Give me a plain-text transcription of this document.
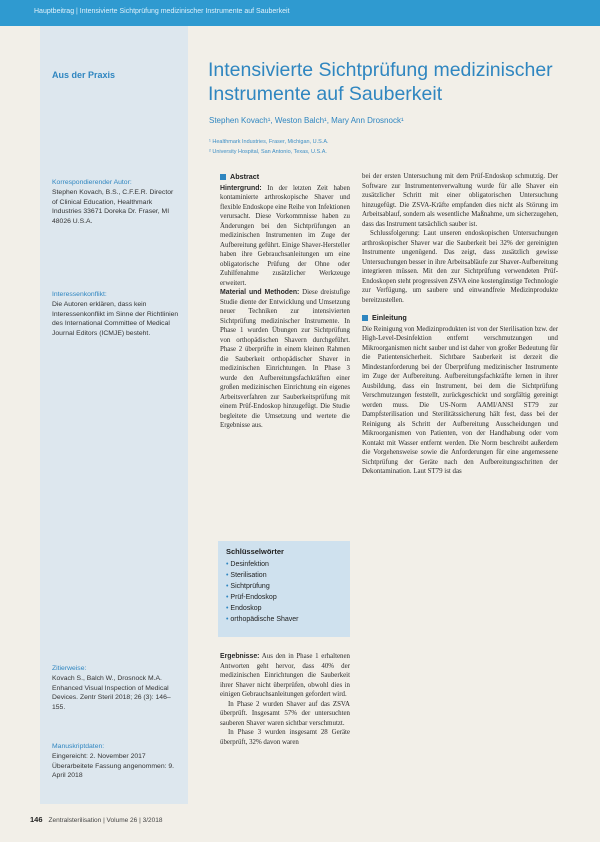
Hauptbeitrag | Intensivierte Sichtprüfung medizinischer Instrumente auf Sauberkeit
Aus der Praxis	Intensivierte Sichtprüfung medizinischer Instrumente auf Sauberkeit
Stephen Kovach¹, Weston Balch¹, Mary Ann Drosnock¹
¹ Healthmark Industries, Fraser, Michigan, U.S.A.
² University Hospital, San Antonio, Texas, U.S.A.
Korrespondierender Autor:
Stephen Kovach, B.S., C.F.E.R. Director of Clinical Education, Healthmark Industries 33671 Doreka Dr. Fraser, MI 48026 U.S.A.
Interessenkonflikt:
Die Autoren erklären, dass kein Interessenkonflikt im Sinne der Richtlinien des International Committee of Medical Journal Editors (ICMJE) besteht.
Zitierweise:
Kovach S., Balch W., Drosnock M.A. Enhanced Visual Inspection of Medical Devices. Zentr Steril 2018; 26 (3): 146–155.
Manuskriptdaten:
Eingereicht: 2. November 2017 Überarbeitete Fassung angenommen: 9. April 2018
Abstract

Hintergrund: In der letzten Zeit haben kontaminierte arthroskopische Shaver und flexible Endoskope eine Reihe von Infektionen verursacht. Diese Vorkommnisse haben zu Änderungen bei den Sichtprüfungen an medizinischen Instrumenten im Zuge der Aufbereitung geführt. Einige Shaver-Hersteller haben ihre Gebrauchsanleitungen um eine obligatorische Prüfung der Ohne oder Zuhilfenahme zusätzlicher Werkzeuge erweitert.

Material und Methoden: Diese dreistufige Studie diente der Entwicklung und Umsetzung neuer Techniken zur intensivierten Sichtprüfung medizinischer Instrumente. In Phase 1 wurden Übungen zur Sichtprüfung von orthopädischen Shavern durchgeführt. Phase 2 überprüfte in einem kleinen Rahmen die Sauberkeit orthopädischer Shaver in medizinischen Einrichtungen. In Phase 3 wurde den Aufbereitungsfachkräften einer großen medizinischen Einrichtung ein eigenes Arbeitsverfahren zur Sauberkeitsprüfung mit einem Prüf-Endoskop hinzugefügt. Die Studie begleitete die Umsetzung und wertete die Ergebnisse aus.

Schlüsselwörter
• Desinfektion
• Sterilisation
• Sichtprüfung
• Prüf-Endoskop
• Endoskop
• orthopädische Shaver

Ergebnisse: Aus den in Phase 1 erhaltenen Antworten geht hervor, dass 40% der medizinischen Einrichtungen die Sauberkeit ihrer Shaver nicht überprüfen, obwohl dies in einigen Gebrauchsanleitungen gefordert wird.

In Phase 2 wurden Shaver auf das ZSVA überprüft. Insgesamt 57% der untersuchten sauberen Shaver waren sichtbar verschmutzt.

In Phase 3 wurden insgesamt 28 Geräte überprüft, 32% davon waren

bei der ersten Untersuchung mit dem Prüf-Endoskop schmutzig. Der Software zur Instrumentenverwaltung wurde für alle Shaver ein zusätzlicher Schritt mit einer obligatorischen Untersuchung hinzugefügt. Die ZSVA-Kräfte empfanden dies nicht als Störung im Arbeitsablauf, sondern als wesentliche Maßnahme, um sicherzugehen, dass das Instrument tatsächlich sauber ist.

Schlussfolgerung: Laut unseren endoskopischen Untersuchungen arthroskopischer Shaver war die Sauberkeit bei 32% der gereinigten Instrumente ungenügend. Das zeigt, dass zusätzlich gewisse Untersuchungen besser in ihre Arbeitsabläufe zur Shaver-Aufbereitung integrieren müssen. Mit den zur Sichtprüfung verwendeten Prüf-Endoskopen steht progressiven ZSVA eine kostengünstige Technologie zur Verfügung, um saubere und einwandfreie Medizinprodukte bereitzustellen.

Einleitung

Die Reinigung von Medizinprodukten ist von der Sterilisation bzw. der High-Level-Desinfektion entfernt verschmutzungen und Mikroorganismen nicht sauber und ist daher von großer Bedeutung für die Patientensicherheit. Sichtbare Sauberkeit ist derzeit die Mindestanforderung bei der Überprüfung medizinischer Instrumente im Zuge der Aufbereitung. Aufbereitungsfachkräfte lernen in ihrer Ausbildung, dass ein Instrument, bei dem die Sichtprüfung Verschmutzungen feststellt, zurückgeschickt und sorgfältig gereinigt werden muss. Die US-Norm AAMI/ANSI ST79 zur Dampfsterilisation und Sterilitätssicherung hält fest, dass bei der Reinigung als Schritt der Aufbereitung Ausscheidungen und Mikroorganismen von Patienten, von der Handhabung oder vom Kontakt mit Wasser entfernt werden. Die Norm beschreibt außerdem die Vorgehensweise sowie die Anforderungen für eine angemessene Sichtprüfung der Geräte nach den Aufbereitungsschritten der Dekontamination. Laut ST79 ist das

146 Zentralsterilisation | Volume 26 | 3/2018
